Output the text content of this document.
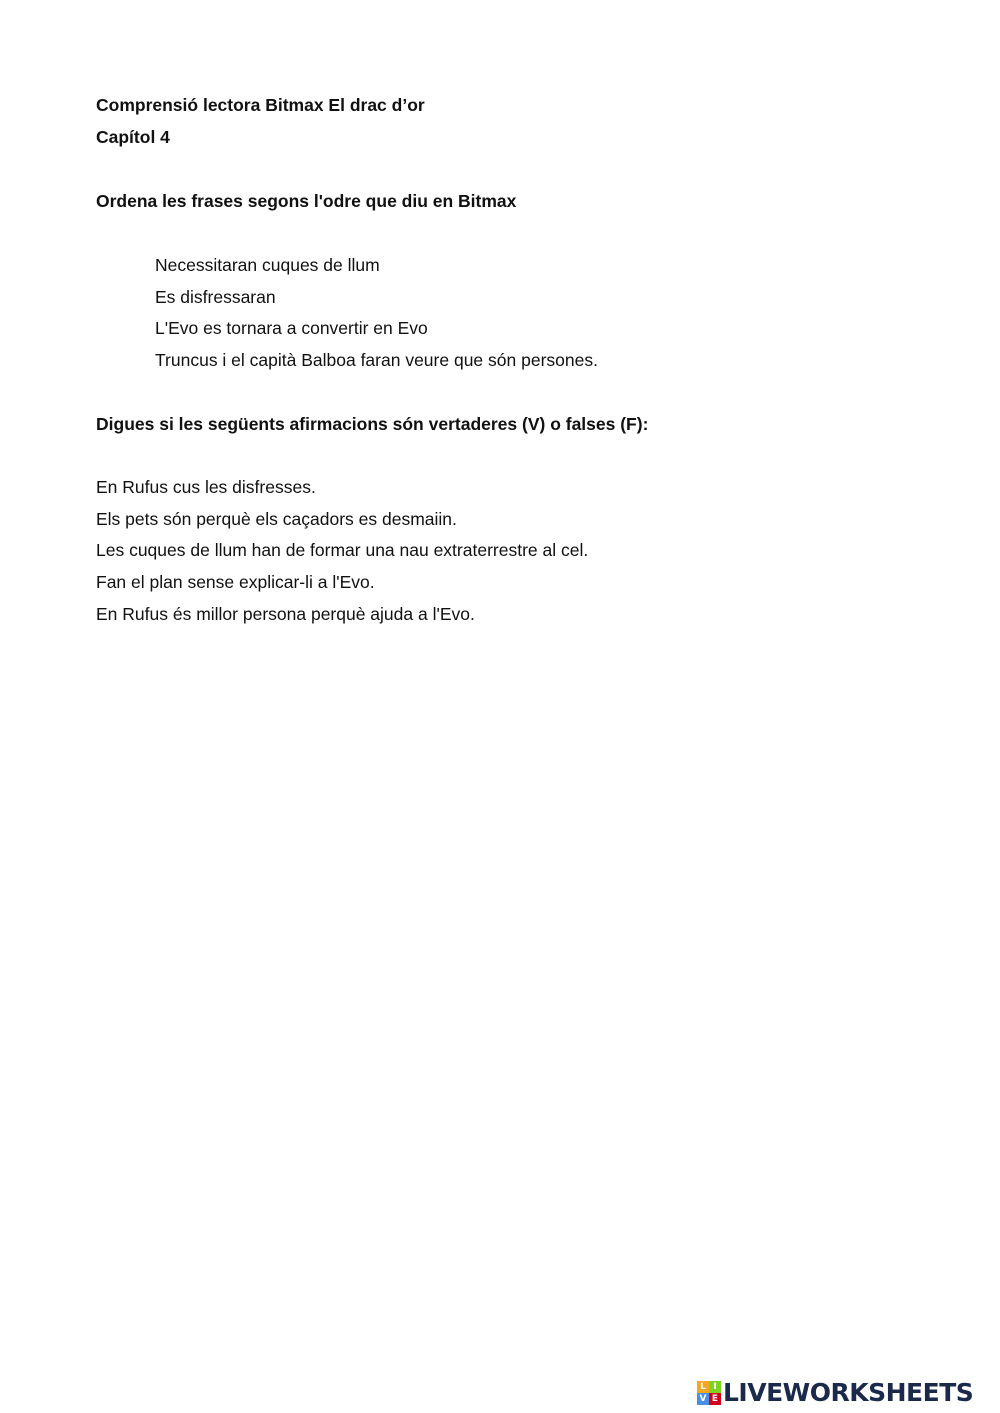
Comprensió lectora Bitmax El drac d’or
Capítol 4
Ordena les frases segons l'odre que diu en Bitmax
Necessitaran cuques de llum
Es disfressaran
L'Evo es tornara a convertir en Evo
Truncus i el capità Balboa faran veure que són persones.
Digues si les següents afirmacions són vertaderes (V) o falses (F):
En Rufus cus les disfresses.
Els pets són perquè els caçadors es desmaiin.
Les cuques de llum han de formar una nau extraterrestre al cel.
Fan el plan sense explicar-li a l'Evo.
En Rufus és millor persona perquè ajuda a l'Evo.
L I
V E LIVEWORKSHEETS
